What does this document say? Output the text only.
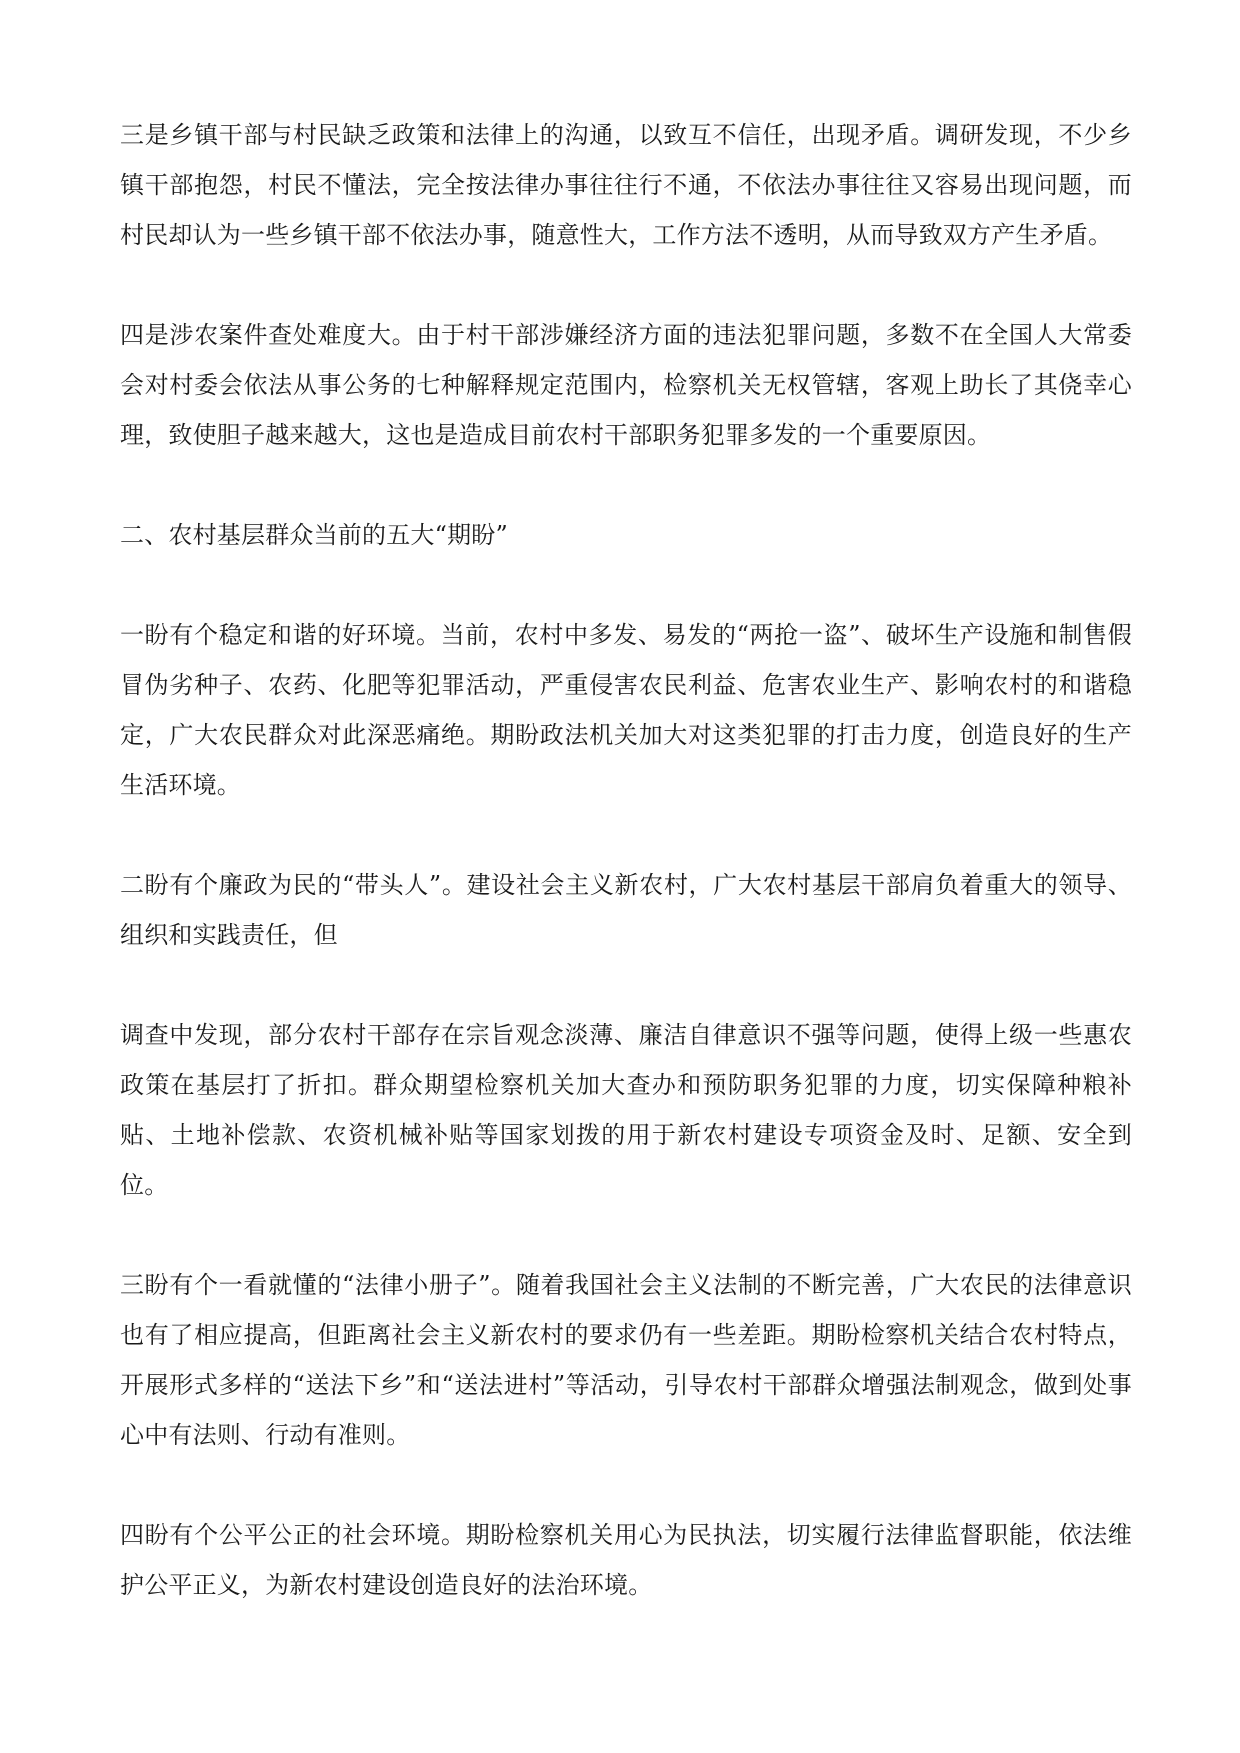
三是乡镇干部与村民缺乏政策和法律上的沟通，以致互不信任，出现矛盾。调研发现，不少乡镇干部抱怨，村民不懂法，完全按法律办事往往行不通，不依法办事往往又容易出现问题，而村民却认为一些乡镇干部不依法办事，随意性大，工作方法不透明，从而导致双方产生矛盾。

四是涉农案件查处难度大。由于村干部涉嫌经济方面的违法犯罪问题，多数不在全国人大常委会对村委会依法从事公务的七种解释规定范围内，检察机关无权管辖，客观上助长了其侥幸心理，致使胆子越来越大，这也是造成目前农村干部职务犯罪多发的一个重要原因。

二、农村基层群众当前的五大“期盼”

一盼有个稳定和谐的好环境。当前，农村中多发、易发的“两抢一盗”、破坏生产设施和制售假冒伪劣种子、农药、化肥等犯罪活动，严重侵害农民利益、危害农业生产、影响农村的和谐稳定，广大农民群众对此深恶痛绝。期盼政法机关加大对这类犯罪的打击力度，创造良好的生产生活环境。

二盼有个廉政为民的“带头人”。建设社会主义新农村，广大农村基层干部肩负着重大的领导、组织和实践责任，但

调查中发现，部分农村干部存在宗旨观念淡薄、廉洁自律意识不强等问题，使得上级一些惠农政策在基层打了折扣。群众期望检察机关加大查办和预防职务犯罪的力度，切实保障种粮补贴、土地补偿款、农资机械补贴等国家划拨的用于新农村建设专项资金及时、足额、安全到位。

三盼有个一看就懂的“法律小册子”。随着我国社会主义法制的不断完善，广大农民的法律意识也有了相应提高，但距离社会主义新农村的要求仍有一些差距。期盼检察机关结合农村特点，开展形式多样的“送法下乡”和“送法进村”等活动，引导农村干部群众增强法制观念，做到处事心中有法则、行动有准则。

四盼有个公平公正的社会环境。期盼检察机关用心为民执法，切实履行法律监督职能，依法维护公平正义，为新农村建设创造良好的法治环境。
